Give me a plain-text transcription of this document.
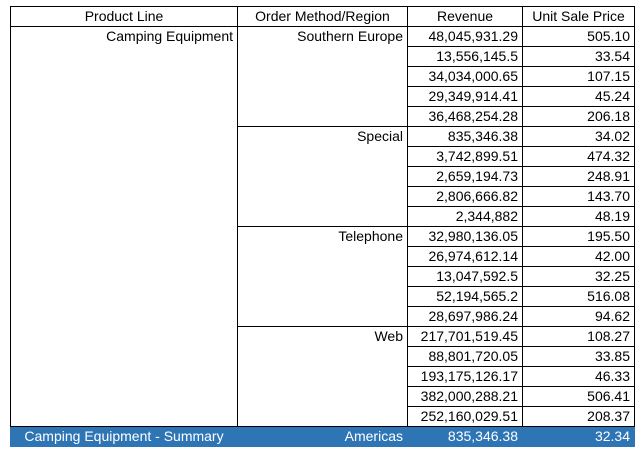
Product Line	Order Method/Region	Revenue	Unit Sale Price
Camping Equipment	Southern Europe	48,045,931.29	505.10
		13,556,145.5	33.54
		34,034,000.65	107.15
		29,349,914.41	45.24
		36,468,254.28	206.18
	Special	835,346.38	34.02
		3,742,899.51	474.32
		2,659,194.73	248.91
		2,806,666.82	143.70
		2,344,882	48.19
	Telephone	32,980,136.05	195.50
		26,974,612.14	42.00
		13,047,592.5	32.25
		52,194,565.2	516.08
		28,697,986.24	94.62
	Web	217,701,519.45	108.27
		88,801,720.05	33.85
		193,175,126.17	46.33
		382,000,288.21	506.41
		252,160,029.51	208.37
Camping Equipment - Summary	Americas	835,346.38	32.34
